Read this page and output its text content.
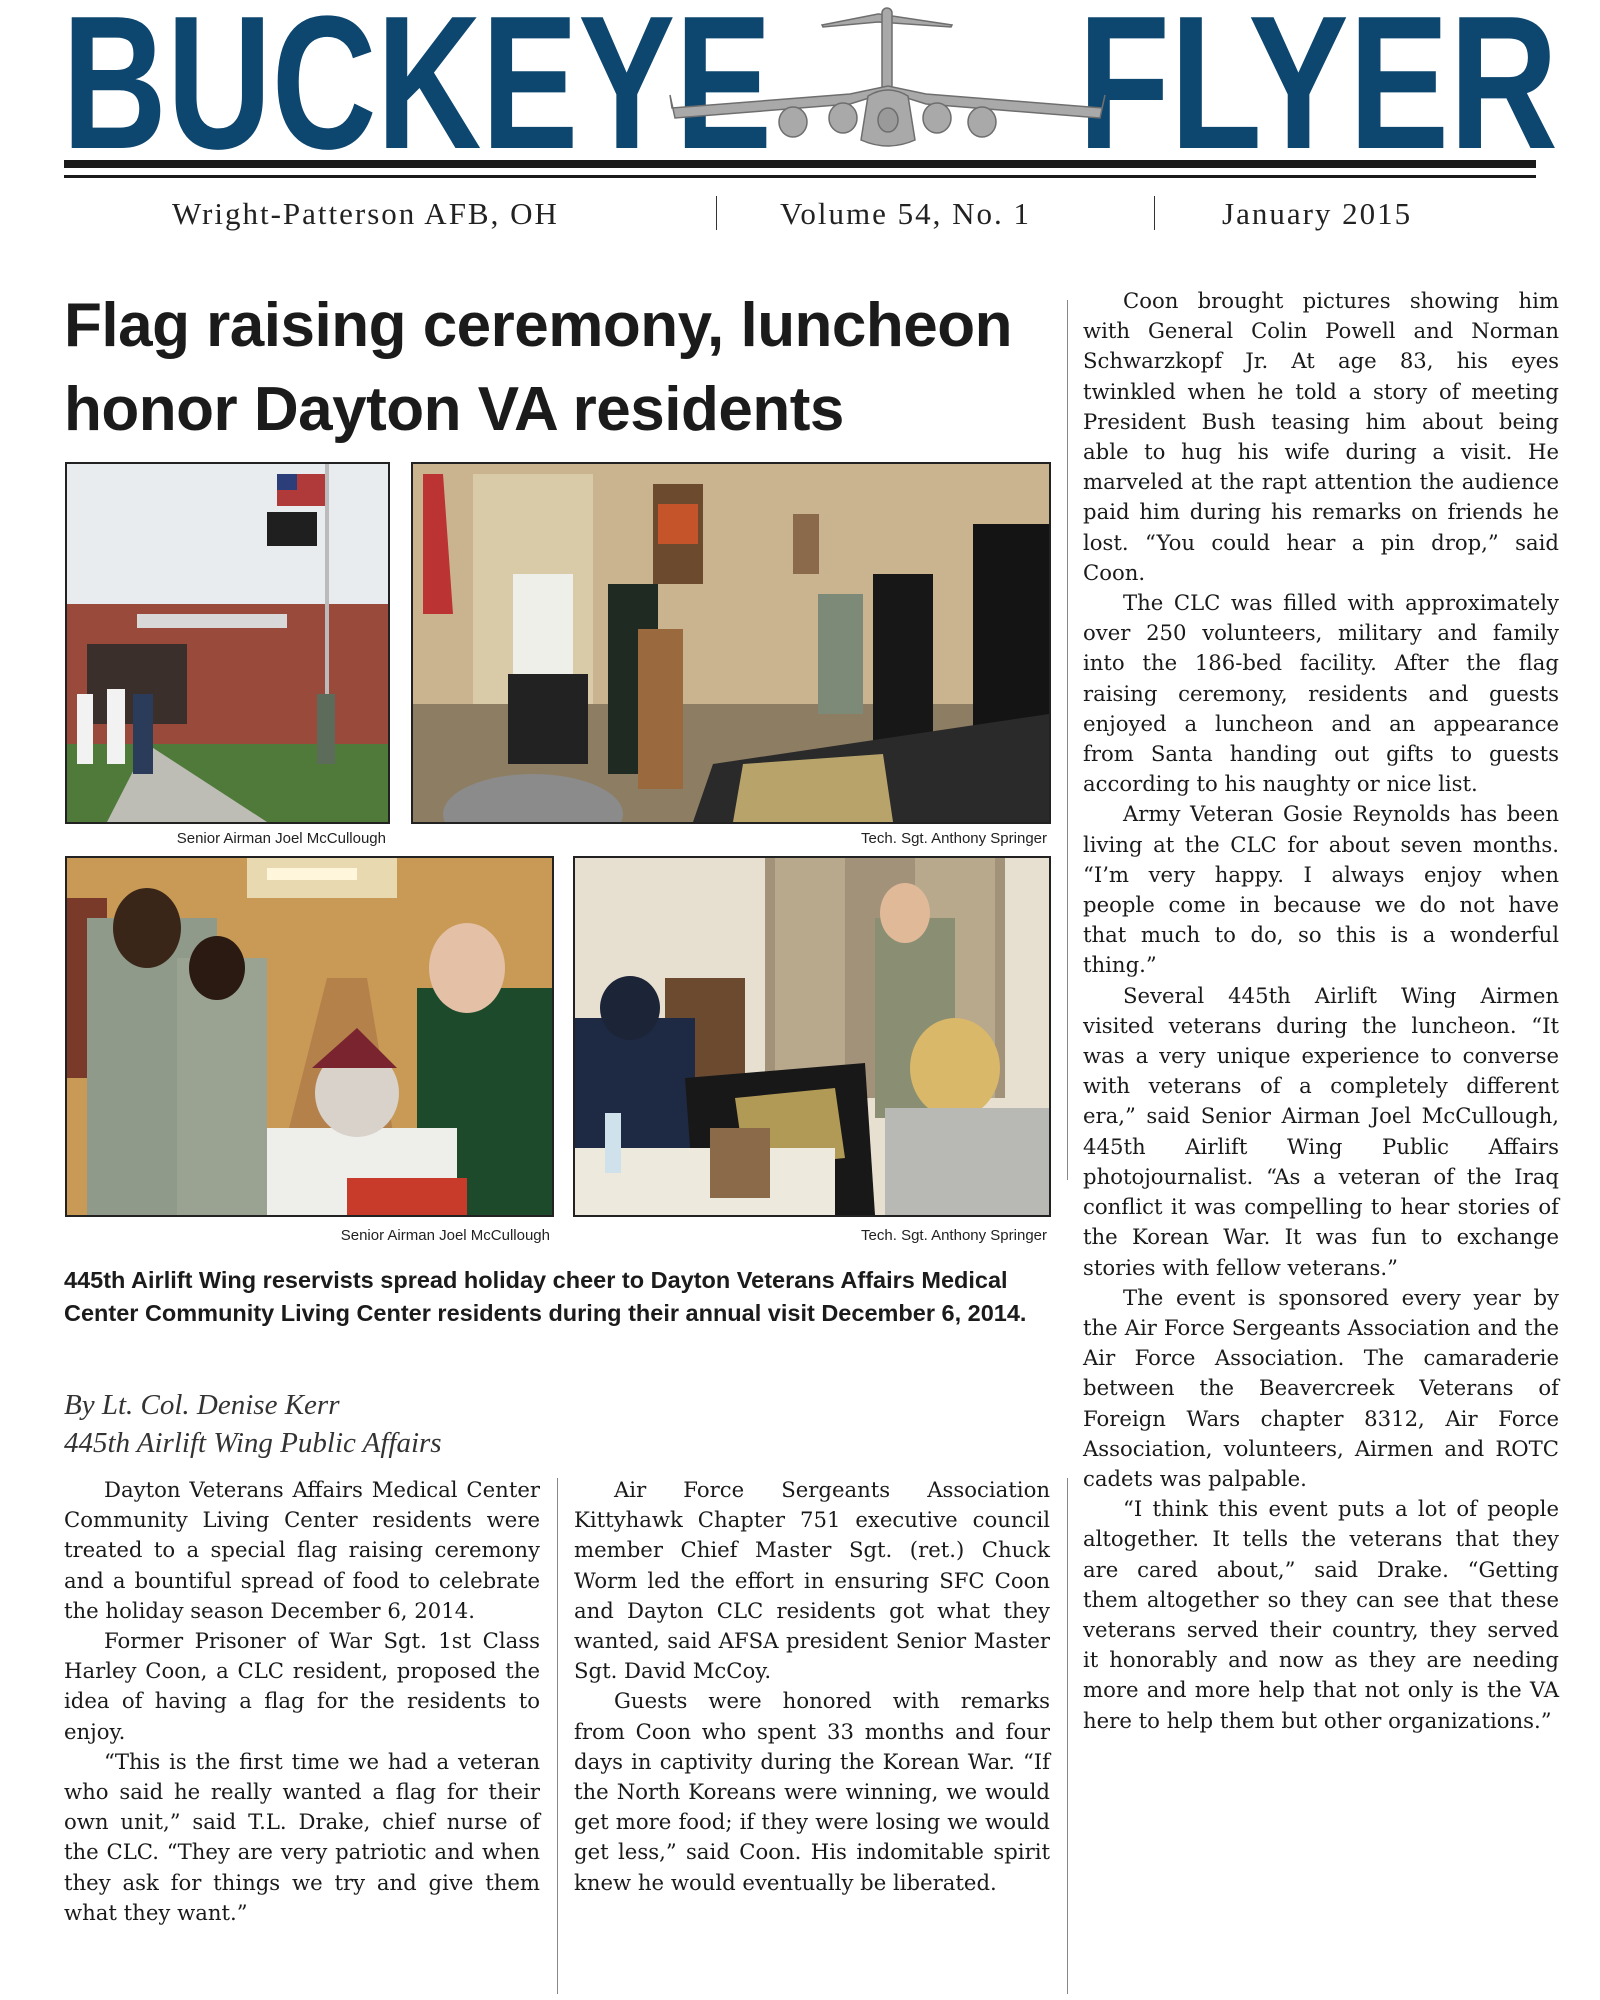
BUCKEYE FLYER
Wright-Patterson AFB, OH	Volume 54, No. 1	January 2015
Flag raising ceremony, luncheon
honor Dayton VA residents
Senior Airman Joel McCullough	Tech. Sgt. Anthony Springer
Senior Airman Joel McCullough	Tech. Sgt. Anthony Springer
445th Airlift Wing reservists spread holiday cheer to Dayton Veterans Affairs Medical Center Community Living Center residents during their annual visit December 6, 2014.
By Lt. Col. Denise Kerr
445th Airlift Wing Public Affairs

Dayton Veterans Affairs Medical Center Community Living Center residents were treated to a special flag raising ceremony and a bountiful spread of food to celebrate the holiday season December 6, 2014.

Former Prisoner of War Sgt. 1st Class Harley Coon, a CLC resident, proposed the idea of having a flag for the residents to enjoy.

“This is the first time we had a veteran who said he really wanted a flag for their own unit,” said T.L. Drake, chief nurse of the CLC. “They are very patriotic and when they ask for things we try and give them what they want.”

Air Force Sergeants Association Kittyhawk Chapter 751 executive council member Chief Master Sgt. (ret.) Chuck Worm led the effort in ensuring SFC Coon and Dayton CLC residents got what they wanted, said AFSA president Senior Master Sgt. David McCoy.

Guests were honored with remarks from Coon who spent 33 months and four days in captivity during the Korean War. “If the North Koreans were winning, we would get more food; if they were losing we would get less,” said Coon. His indomitable spirit knew he would eventually be liberated.

Coon brought pictures showing him with General Colin Powell and Norman Schwarzkopf Jr. At age 83, his eyes twinkled when he told a story of meeting President Bush teasing him about being able to hug his wife during a visit. He marveled at the rapt attention the audience paid him during his remarks on friends he lost. “You could hear a pin drop,” said Coon.

The CLC was filled with approximately over 250 volunteers, military and family into the 186-bed facility. After the flag raising ceremony, residents and guests enjoyed a luncheon and an appearance from Santa handing out gifts to guests according to his naughty or nice list.

Army Veteran Gosie Reynolds has been living at the CLC for about seven months. “I’m very happy. I always enjoy when people come in because we do not have that much to do, so this is a wonderful thing.”

Several 445th Airlift Wing Airmen visited veterans during the luncheon. “It was a very unique experience to converse with veterans of a completely different era,” said Senior Airman Joel McCullough, 445th Airlift Wing Public Affairs photojournalist. “As a veteran of the Iraq conflict it was compelling to hear stories of the Korean War. It was fun to exchange stories with fellow veterans.”

The event is sponsored every year by the Air Force Sergeants Association and the Air Force Association. The camaraderie between the Beavercreek Veterans of Foreign Wars chapter 8312, Air Force Association, volunteers, Airmen and ROTC cadets was palpable.

“I think this event puts a lot of people altogether. It tells the veterans that they are cared about,” said Drake. “Getting them altogether so they can see that these veterans served their country, they served it honorably and now as they are needing more and more help that not only is the VA here to help them but other organizations.”
